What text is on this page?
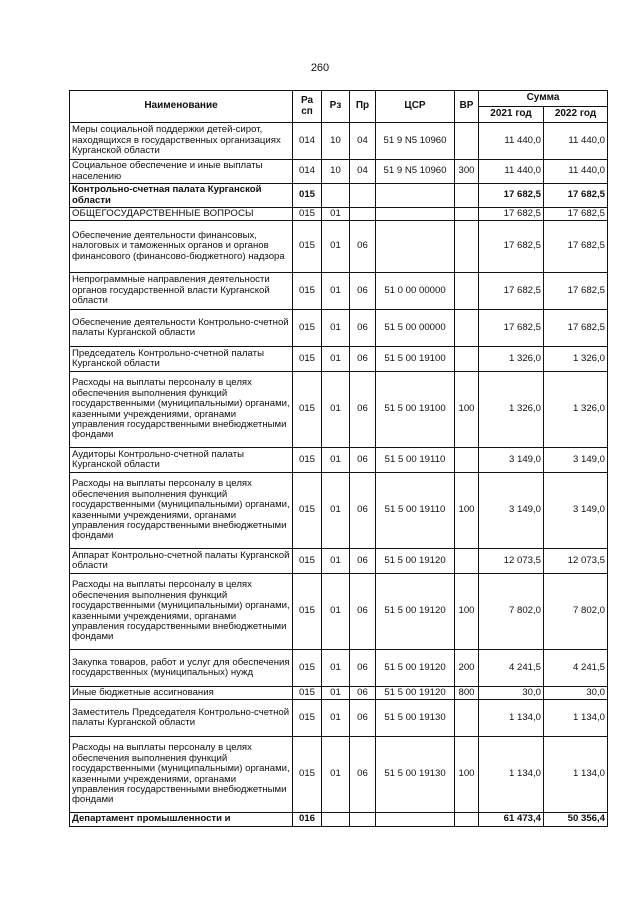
260
Наименование	Ра сп	Рз	Пр	ЦСР	ВР	Сумма	
						2021 год	2022 год
Меры социальной поддержки детей-сирот, находящихся в государственных организациях Курганской области	014	10	04	51 9 N5 10960		11 440,0	11 440,0
Социальное обеспечение и иные выплаты населению	014	10	04	51 9 N5 10960	300	11 440,0	11 440,0
Контрольно-счетная палата Курганской области	015					17 682,5	17 682,5
ОБЩЕГОСУДАРСТВЕННЫЕ ВОПРОСЫ	015	01				17 682,5	17 682,5
Обеспечение деятельности финансовых, налоговых и таможенных органов и органов финансового (финансово-бюджетного) надзора	015	01	06			17 682,5	17 682,5
Непрограммные направления деятельности органов государственной власти Курганской области	015	01	06	51 0 00 00000		17 682,5	17 682,5
Обеспечение деятельности Контрольно-счетной палаты Курганской области	015	01	06	51 5 00 00000		17 682,5	17 682,5
Председатель Контрольно-счетной палаты Курганской области	015	01	06	51 5 00 19100		1 326,0	1 326,0
Расходы на выплаты персоналу в целях обеспечения выполнения функций государственными (муниципальными) органами, казенными учреждениями, органами управления государственными внебюджетными фондами	015	01	06	51 5 00 19100	100	1 326,0	1 326,0
Аудиторы Контрольно-счетной палаты Курганской области	015	01	06	51 5 00 19110		3 149,0	3 149,0
Расходы на выплаты персоналу в целях обеспечения выполнения функций государственными (муниципальными) органами, казенными учреждениями, органами управления государственными внебюджетными фондами	015	01	06	51 5 00 19110	100	3 149,0	3 149,0
Аппарат Контрольно-счетной палаты Курганской области	015	01	06	51 5 00 19120		12 073,5	12 073,5
Расходы на выплаты персоналу в целях обеспечения выполнения функций государственными (муниципальными) органами, казенными учреждениями, органами управления государственными внебюджетными фондами	015	01	06	51 5 00 19120	100	7 802,0	7 802,0
Закупка товаров, работ и услуг для обеспечения государственных (муниципальных) нужд	015	01	06	51 5 00 19120	200	4 241,5	4 241,5
Иные бюджетные ассигнования	015	01	06	51 5 00 19120	800	30,0	30,0
Заместитель Председателя Контрольно-счетной палаты Курганской области	015	01	06	51 5 00 19130		1 134,0	1 134,0
Расходы на выплаты персоналу в целях обеспечения выполнения функций государственными (муниципальными) органами, казенными учреждениями, органами управления государственными внебюджетными фондами	015	01	06	51 5 00 19130	100	1 134,0	1 134,0
Департамент промышленности и	016					61 473,4	50 356,4
